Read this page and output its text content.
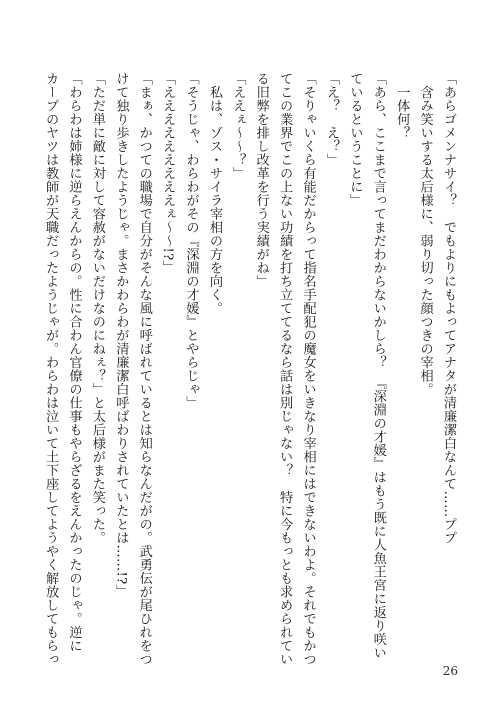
「あらゴメンナサイ？　でもよりにもよってアナタが清廉潔白なんて……ププ
　含み笑いする太后様に、弱り切った顔つきの宰相。
　一体何？
「あら、ここまで言ってまだわからないかしら？　『深淵の才媛』はもう既に人魚王宮に返り咲い
ているということに」
「え？　え？」
「そりゃいくら有能だからって指名手配犯の魔女をいきなり宰相にはできないわよ。それでもかつ
てこの業界でこの上ない功績を打ち立ててるなら話は別じゃない？　特に今もっとも求められてい
る旧弊を排し改革を行う実績がね」
「ええぇ～～？」
　私は、ゾス・サイラ宰相の方を向く。
「そうじゃ、わらわがその『深淵の才媛』とやらじゃ」
「えええええええええぇ～～!?」
「まぁ、かつての職場で自分がそんな風に呼ばれているとは知らなんだがの。武勇伝が尾ひれをつ
けて独り歩きしたようじゃ。まさかわらわが清廉潔白呼ばわりされていたとは……!?」
「ただ単に敵に対して容赦がないだけなのにねぇ？」と太后様がまた笑った。
「わらわは姉様に逆らえんからの。性に合わん官僚の仕事もやらざるをえんかったのじゃ。逆に
カープのヤツは教師が天職だったようじゃが。わらわは泣いて土下座してようやく解放してもらっ
26
